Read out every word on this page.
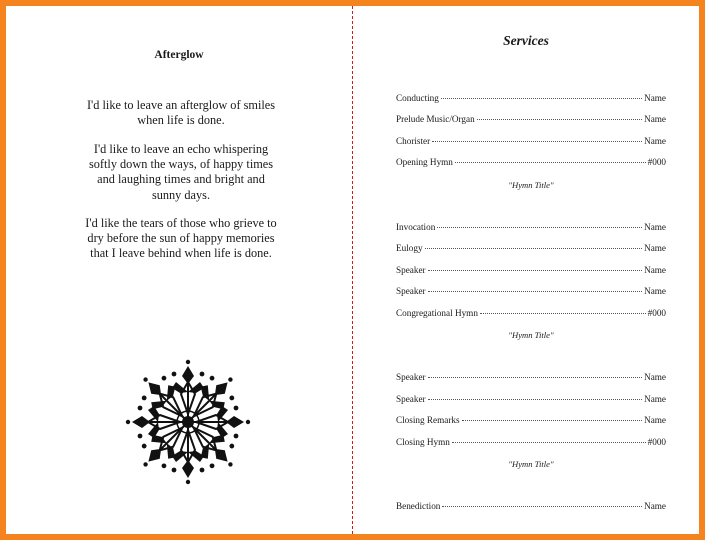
Afterglow

I'd like to leave an afterglow of smiles
when life is done.

I'd like to leave an echo whispering
softly down the ways, of happy times
and laughing times and bright and
sunny days.

I'd like the tears of those who grieve to
dry before the sun of happy memories
that I leave behind when life is done.

Services
Conducting	Name
Prelude Music/Organ	Name
Chorister	Name
Opening Hymn	#000
"Hymn Title"
Invocation	Name
Eulogy	Name
Speaker	Name
Speaker	Name
Congregational Hymn	#000
"Hymn Title"
Speaker	Name
Speaker	Name
Closing Remarks	Name
Closing Hymn	#000
"Hymn Title"
Benediction	Name
